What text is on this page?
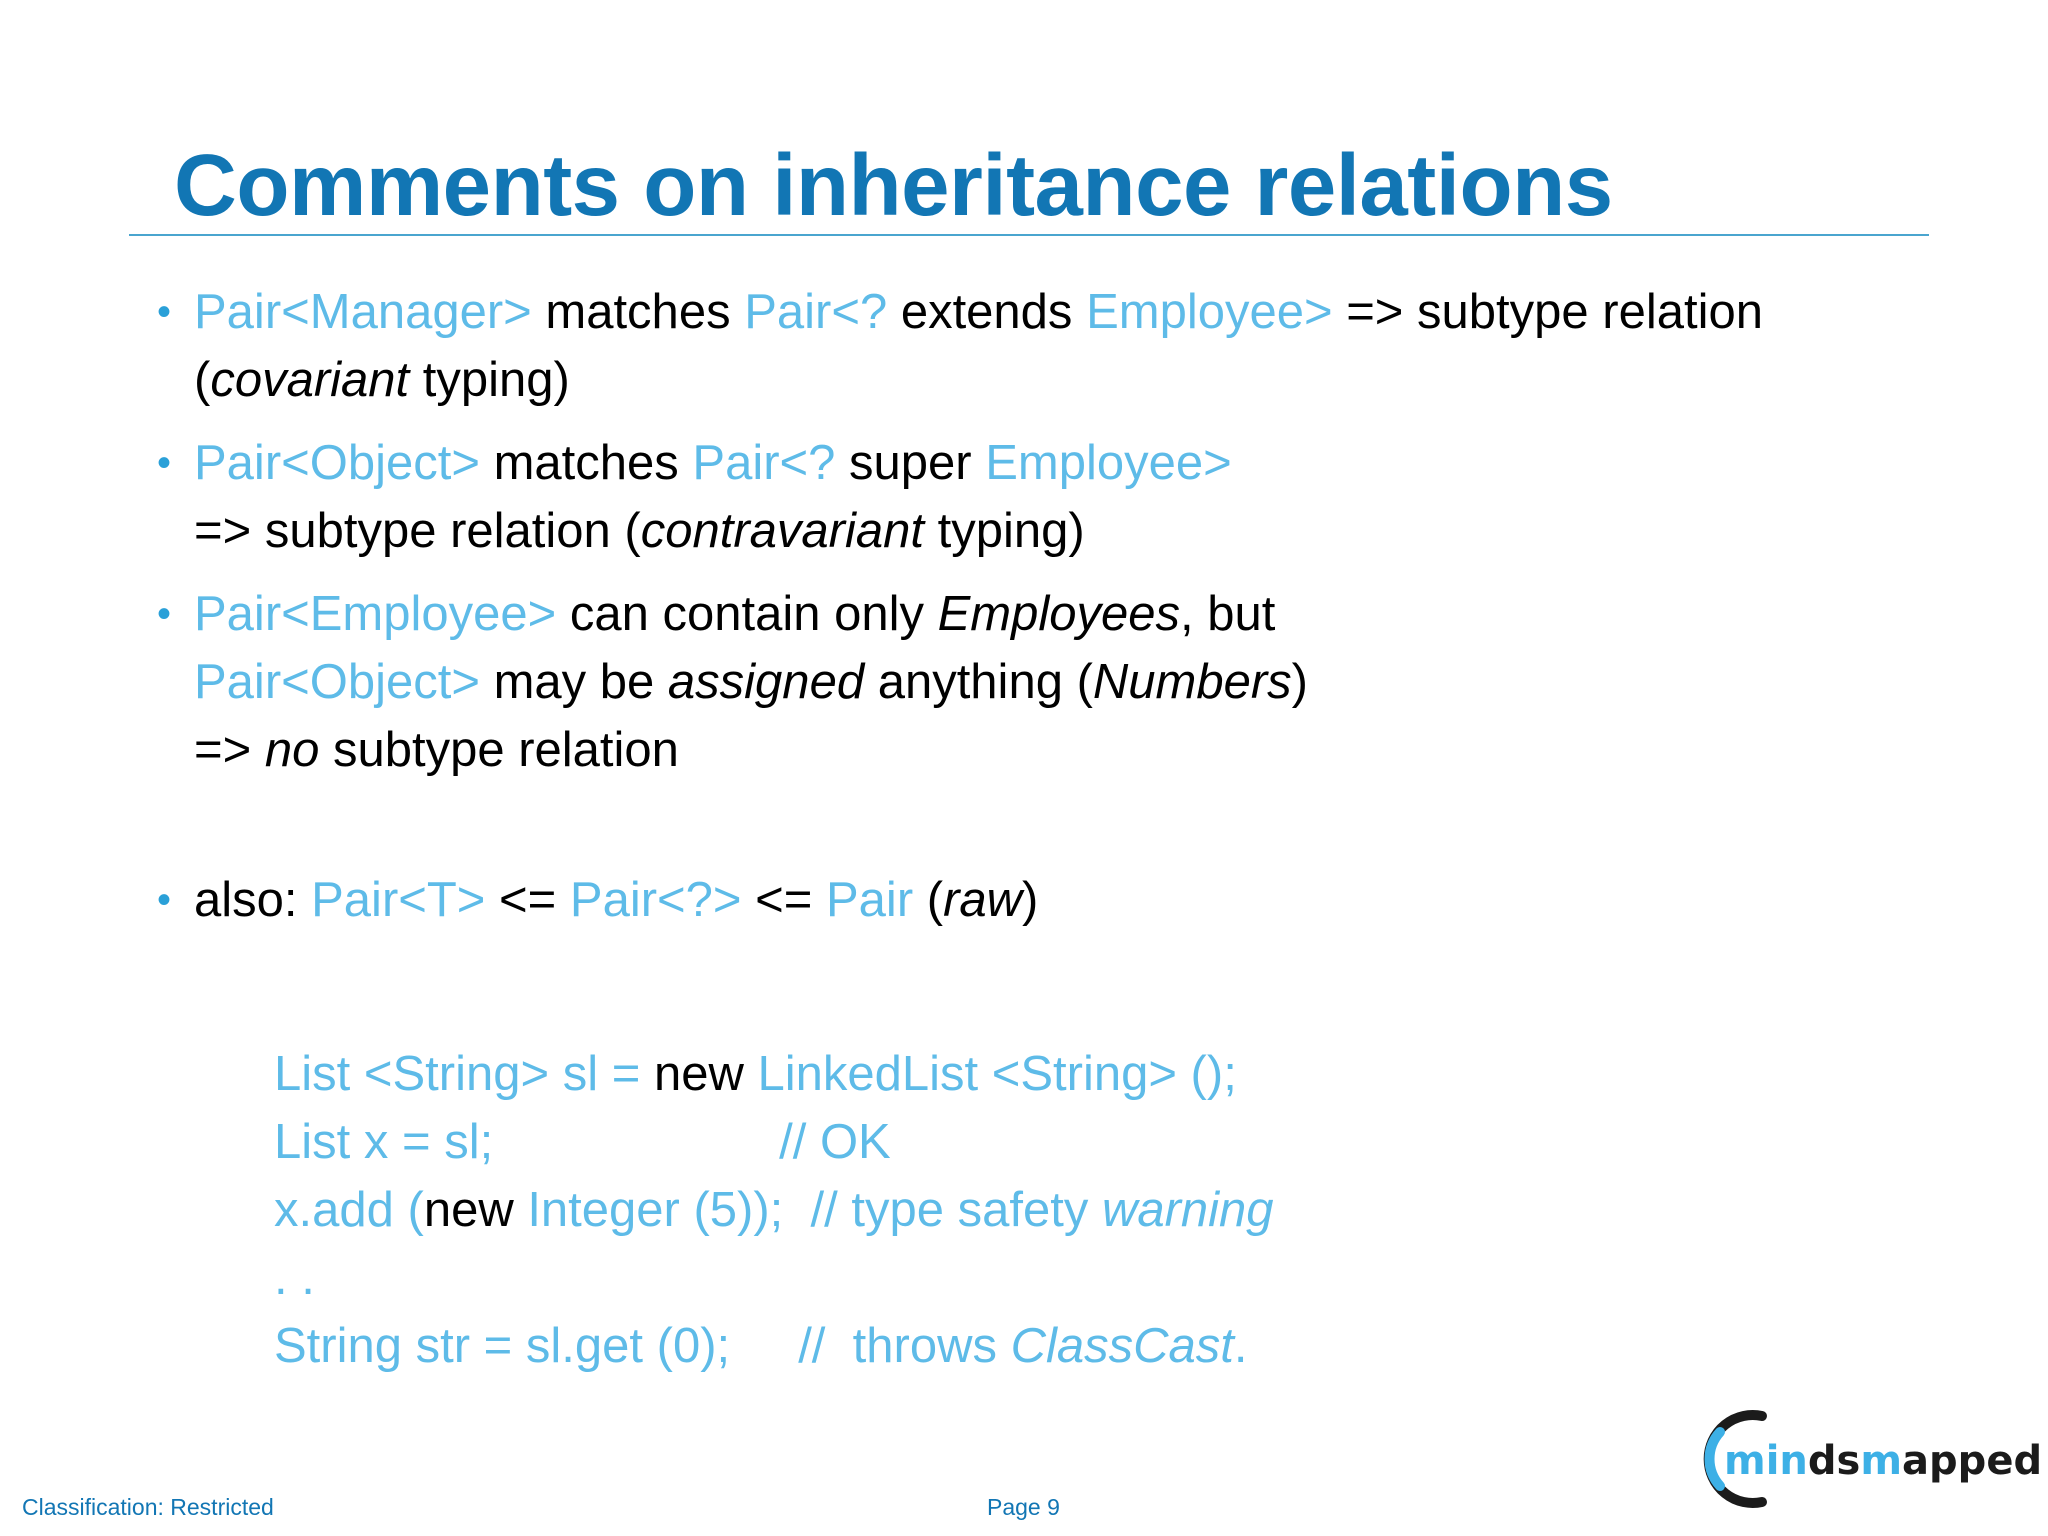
Comments on inheritance relations
• Pair<Manager> matches Pair<? extends Employee> => subtype relation
(covariant typing)
• Pair<Object> matches Pair<? super Employee>
=> subtype relation (contravariant typing)
• Pair<Employee> can contain only Employees, but
Pair<Object> may be assigned anything (Numbers)
=> no subtype relation
• also: Pair<T> <= Pair<?> <= Pair (raw)
List <String> sl = new LinkedList <String> ();
List x = sl;                     // OK
x.add (new Integer (5));  // type safety warning
. .
String str = sl.get (0);     //  throws ClassCast.
Classification: Restricted	Page 9
mindsmapped
